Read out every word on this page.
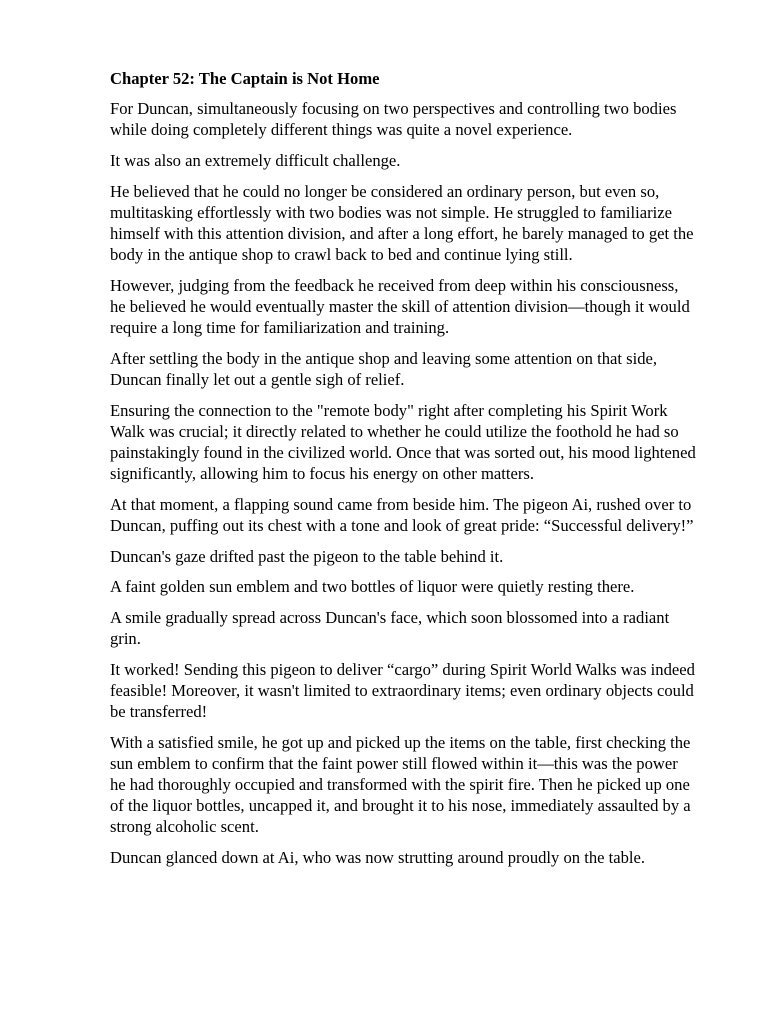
Chapter 52: The Captain is Not Home

For Duncan, simultaneously focusing on two perspectives and controlling two bodies while doing completely different things was quite a novel experience.

It was also an extremely difficult challenge.

He believed that he could no longer be considered an ordinary person, but even so, multitasking effortlessly with two bodies was not simple. He struggled to familiarize himself with this attention division, and after a long effort, he barely managed to get the body in the antique shop to crawl back to bed and continue lying still.

However, judging from the feedback he received from deep within his consciousness, he believed he would eventually master the skill of attention division—though it would require a long time for familiarization and training.

After settling the body in the antique shop and leaving some attention on that side, Duncan finally let out a gentle sigh of relief.

Ensuring the connection to the "remote body" right after completing his Spirit Work Walk was crucial; it directly related to whether he could utilize the foothold he had so painstakingly found in the civilized world. Once that was sorted out, his mood lightened significantly, allowing him to focus his energy on other matters.

At that moment, a flapping sound came from beside him. The pigeon Ai, rushed over to Duncan, puffing out its chest with a tone and look of great pride: “Successful delivery!”

Duncan's gaze drifted past the pigeon to the table behind it.

A faint golden sun emblem and two bottles of liquor were quietly resting there.

A smile gradually spread across Duncan's face, which soon blossomed into a radiant grin.

It worked! Sending this pigeon to deliver “cargo” during Spirit World Walks was indeed feasible! Moreover, it wasn't limited to extraordinary items; even ordinary objects could be transferred!

With a satisfied smile, he got up and picked up the items on the table, first checking the sun emblem to confirm that the faint power still flowed within it—this was the power he had thoroughly occupied and transformed with the spirit fire. Then he picked up one of the liquor bottles, uncapped it, and brought it to his nose, immediately assaulted by a strong alcoholic scent.

Duncan glanced down at Ai, who was now strutting around proudly on the table.
